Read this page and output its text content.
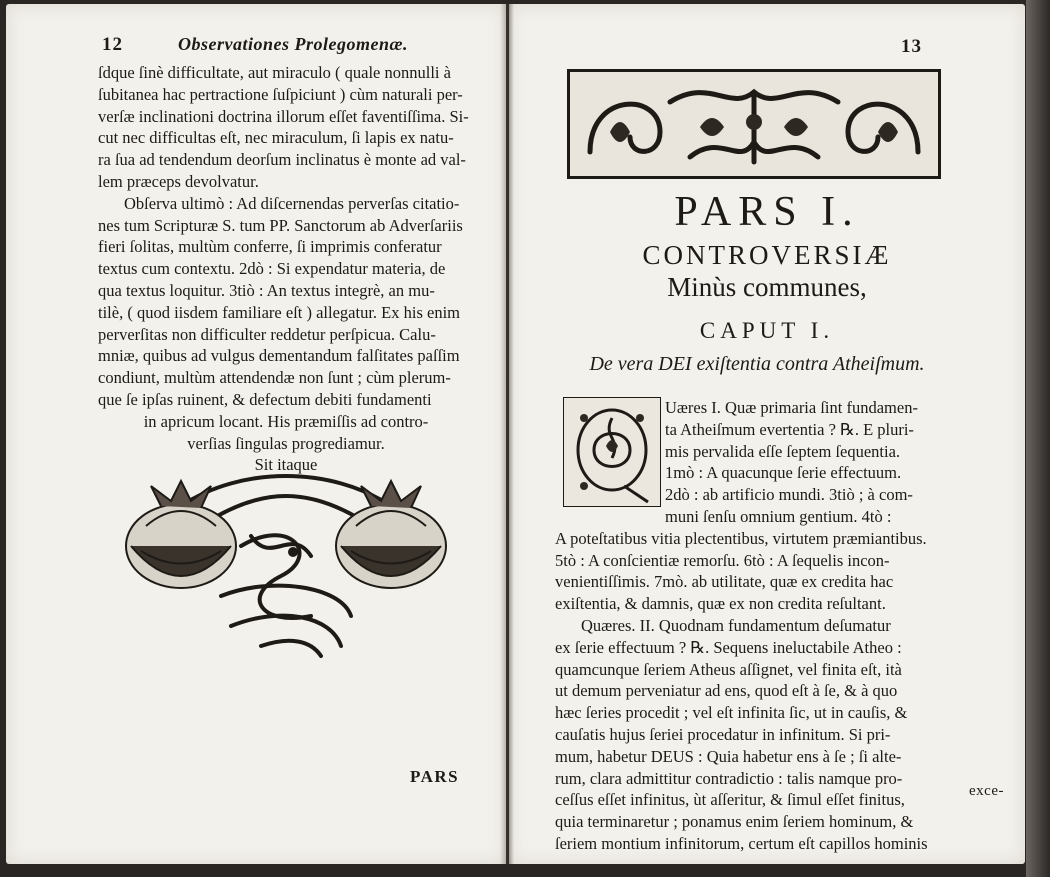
12	Observationes Prolegomenæ.
ſdque ſinè difficultate, aut miraculo ( quale nonnulli à
ſubitanea hac pertractione ſuſpiciunt ) cùm naturali per-
verſæ inclinationi doctrina illorum eſſet faventiſſima. Si-
cut nec difficultas eſt, nec miraculum, ſi lapis ex natu-
ra ſua ad tendendum deorſum inclinatus è monte ad val-
lem præceps devolvatur.
Obſerva ultimò : Ad diſcernendas perverſas citatio-
nes tum Scripturæ S. tum PP. Sanctorum ab Adverſariis
fieri ſolitas, multùm conferre, ſi imprimis conferatur
textus cum contextu. 2dò : Si expendatur materia, de
qua textus loquitur. 3tiò : An textus integrè, an mu-
tilè, ( quod iisdem familiare eſt ) allegatur. Ex his enim
perverſitas non difficulter reddetur perſpicua. Calu-
mniæ, quibus ad vulgus dementandum falſitates paſſim
condiunt, multùm attendendæ non ſunt ; cùm plerum-
que ſe ipſas ruinent, & defectum debiti fundamenti
in apricum locant. His præmiſſis ad contro-
verſias ſingulas progrediamur.
Sit itaque
PARS
13
PARS I.
CONTROVERSIÆ
Minùs communes,
CAPUT I.
De vera DEI exiſtentia contra Atheiſmum.
Uæres I. Quæ primaria ſint fundamen-
ta Atheiſmum evertentia ? ℞. E pluri-
mis pervalida eſſe ſeptem ſequentia.
1mò : A quacunque ſerie effectuum.
2dò : ab artificio mundi. 3tiò ; à com-
muni ſenſu omnium gentium. 4tò :
A poteſtatibus vitia plectentibus, virtutem præmiantibus.
5tò : A conſcientiæ remorſu. 6tò : A ſequelis incon-
venientiſſimis. 7mò. ab utilitate, quæ ex credita hac
exiſtentia, & damnis, quæ ex non credita reſultant.
Quæres. II. Quodnam fundamentum deſumatur
ex ſerie effectuum ? ℞. Sequens ineluctabile Atheo :
quamcunque ſeriem Atheus aſſignet, vel finita eſt, ità
ut demum perveniatur ad ens, quod eſt à ſe, & à quo
hæc ſeries procedit ; vel eſt infinita ſic, ut in cauſis, &
cauſatis hujus ſeriei procedatur in infinitum. Si pri-
mum, habetur DEUS : Quia habetur ens à ſe ; ſi alte-
rum, clara admittitur contradictio : talis namque pro-
ceſſus eſſet infinitus, ùt aſſeritur, & ſimul eſſet finitus,
quia terminaretur ; ponamus enim ſeriem hominum, &
ſeriem montium infinitorum, certum eſt capillos hominis
exce-
